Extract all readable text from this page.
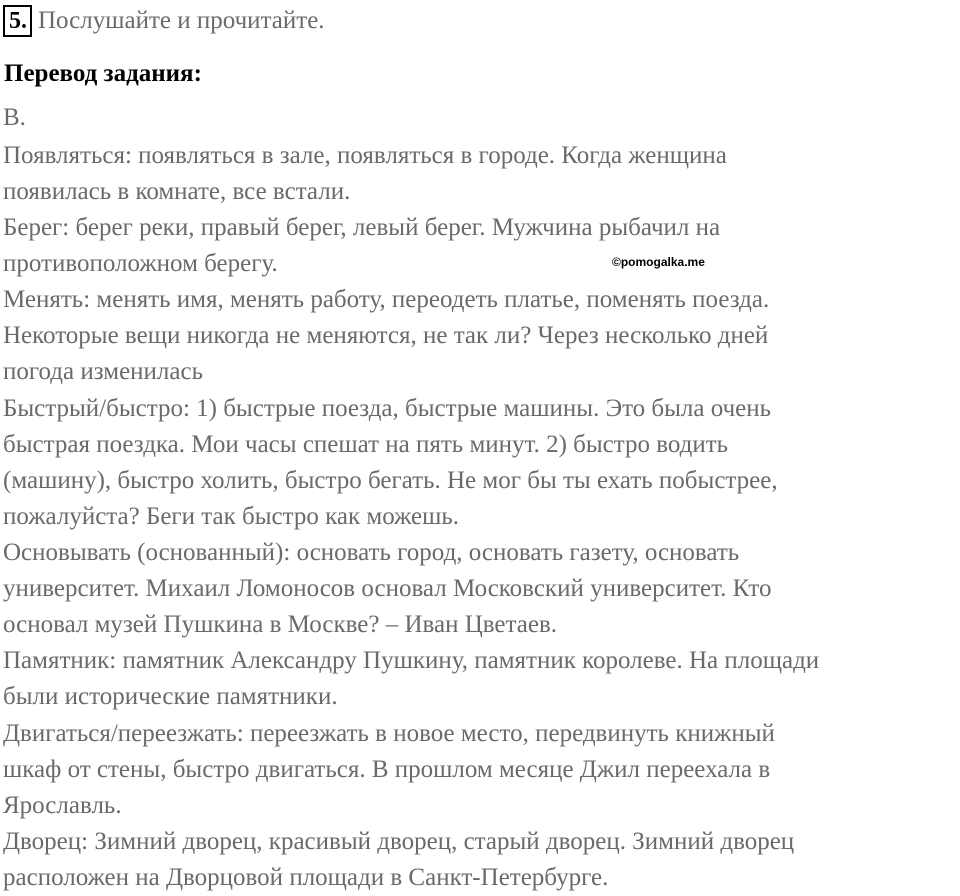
5. Послушайте и прочитайте.
Перевод задания:
В.
Появляться: появляться в зале, появляться в городе. Когда женщина
появилась в комнате, все встали.
Берег: берег реки, правый берег, левый берег. Мужчина рыбачил на
противоположном берегу.
Менять: менять имя, менять работу, переодеть платье, поменять поезда.
Некоторые вещи никогда не меняются, не так ли? Через несколько дней
погода изменилась
Быстрый/быстро: 1) быстрые поезда, быстрые машины. Это была очень
быстрая поездка. Мои часы спешат на пять минут. 2) быстро водить
(машину), быстро холить, быстро бегать. Не мог бы ты ехать побыстрее,
пожалуйста? Беги так быстро как можешь.
Основывать (основанный): основать город, основать газету, основать
университет. Михаил Ломоносов основал Московский университет. Кто
основал музей Пушкина в Москве? – Иван Цветаев.
Памятник: памятник Александру Пушкину, памятник королеве. На площади
были исторические памятники.
Двигаться/переезжать: переезжать в новое место, передвинуть книжный
шкаф от стены, быстро двигаться. В прошлом месяце Джил переехала в
Ярославль.
Дворец: Зимний дворец, красивый дворец, старый дворец. Зимний дворец
расположен на Дворцовой площади в Санкт-Петербурге.
©pomogalka.me
